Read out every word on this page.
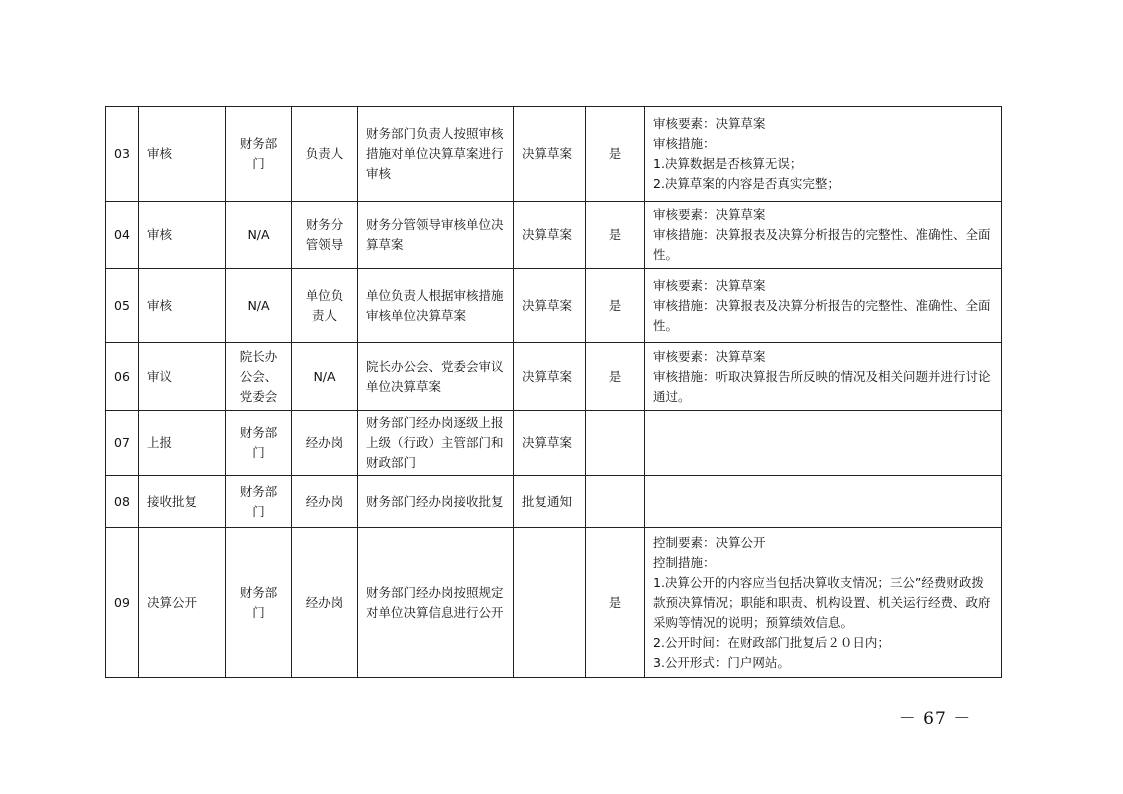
03	审核	财务部门	负责人	财务部门负责人按照审核措施对单位决算草案进行审核	决算草案	是	审核要素：决算草案
审核措施：
1.决算数据是否核算无误；
2.决算草案的内容是否真实完整；

04	审核	N/A	财务分管领导	财务分管领导审核单位决算草案	决算草案	是	审核要素：决算草案
审核措施：决算报表及决算分析报告的完整性、准确性、全面性。

05	审核	N/A	单位负责人	单位负责人根据审核措施审核单位决算草案	决算草案	是	审核要素：决算草案
审核措施：决算报表及决算分析报告的完整性、准确性、全面性。

06	审议	院长办公会、党委会	N/A	院长办公会、党委会审议单位决算草案	决算草案	是	审核要素：决算草案
审核措施：听取决算报告所反映的情况及相关问题并进行讨论通过。

07	上报	财务部门	经办岗	财务部门经办岗逐级上报上级（行政）主管部门和财政部门	决算草案		
08	接收批复	财务部门	经办岗	财务部门经办岗接收批复	批复通知		
09	决算公开	财务部门	经办岗	财务部门经办岗按照规定对单位决算信息进行公开		是	控制要素：决算公开
控制措施：
1.决算公开的内容应当包括决算收支情况；三公”经费财政拨款预决算情况；职能和职责、机构设置、机关运行经费、政府采购等情况的说明；预算绩效信息。
2.公开时间：在财政部门批复后２０日内；
3.公开形式：门户网站。
－ 67 －
